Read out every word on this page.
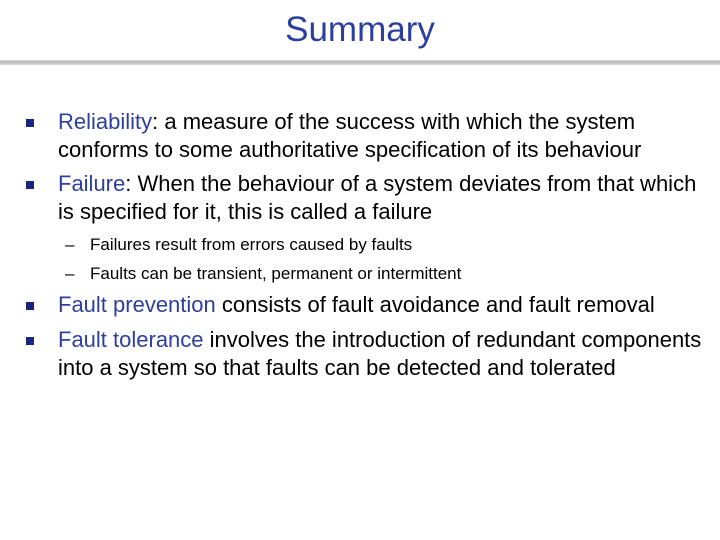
Summary
Reliability: a measure of the success with which the system conforms to some authoritative specification of its behaviour
Failure: When the behaviour of a system deviates from that which is specified for it, this is called a failure
– Failures result from errors caused by faults
– Faults can be transient, permanent or intermittent
Fault prevention consists of fault avoidance and fault removal
Fault tolerance involves the introduction of redundant components into a system so that faults can be detected and tolerated
